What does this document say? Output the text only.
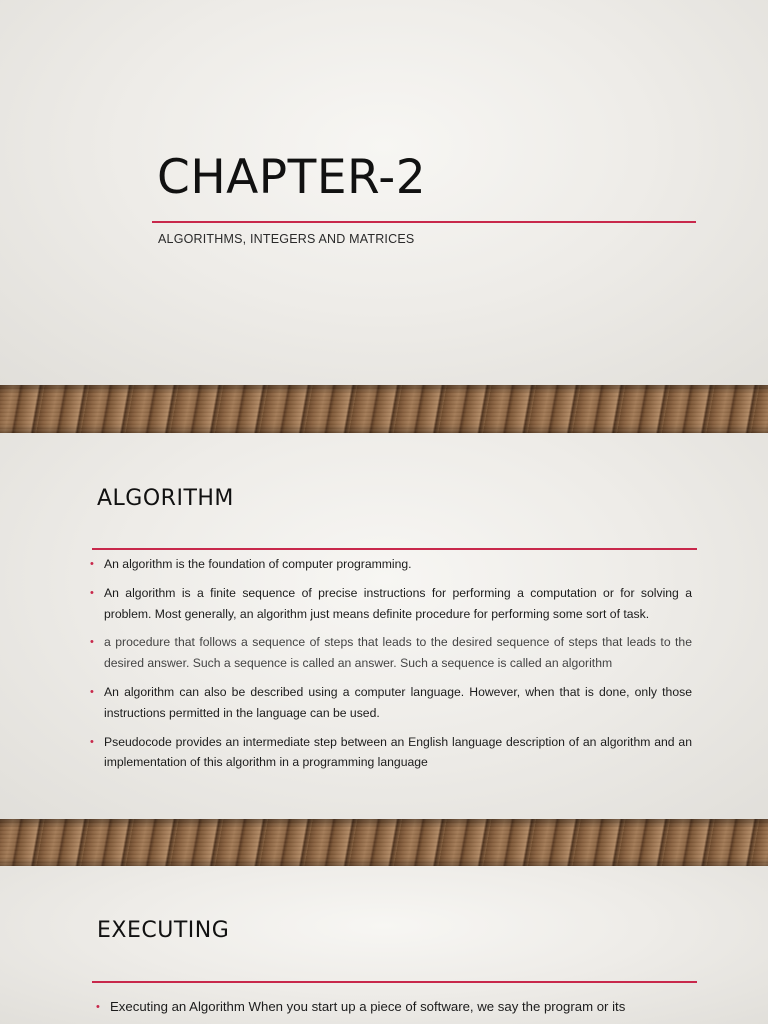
CHAPTER-2

ALGORITHMS, INTEGERS AND MATRICES

ALGORITHM
• An algorithm is the foundation of computer programming.
• An algorithm is a finite sequence of precise instructions for performing a computation or for solving a problem. Most generally, an algorithm just means definite procedure for performing some sort of task.
• a procedure that follows a sequence of steps that leads to the desired sequence of steps that leads to the desired answer. Such a sequence is called an answer. Such a sequence is called an algorithm
• An algorithm can also be described using a computer language. However, when that is done, only those instructions permitted in the language can be used.
• Pseudocode provides an intermediate step between an English language description of an algorithm and an implementation of this algorithm in a programming language
EXECUTING
• Executing an Algorithm When you start up a piece of software, we say the program or its
